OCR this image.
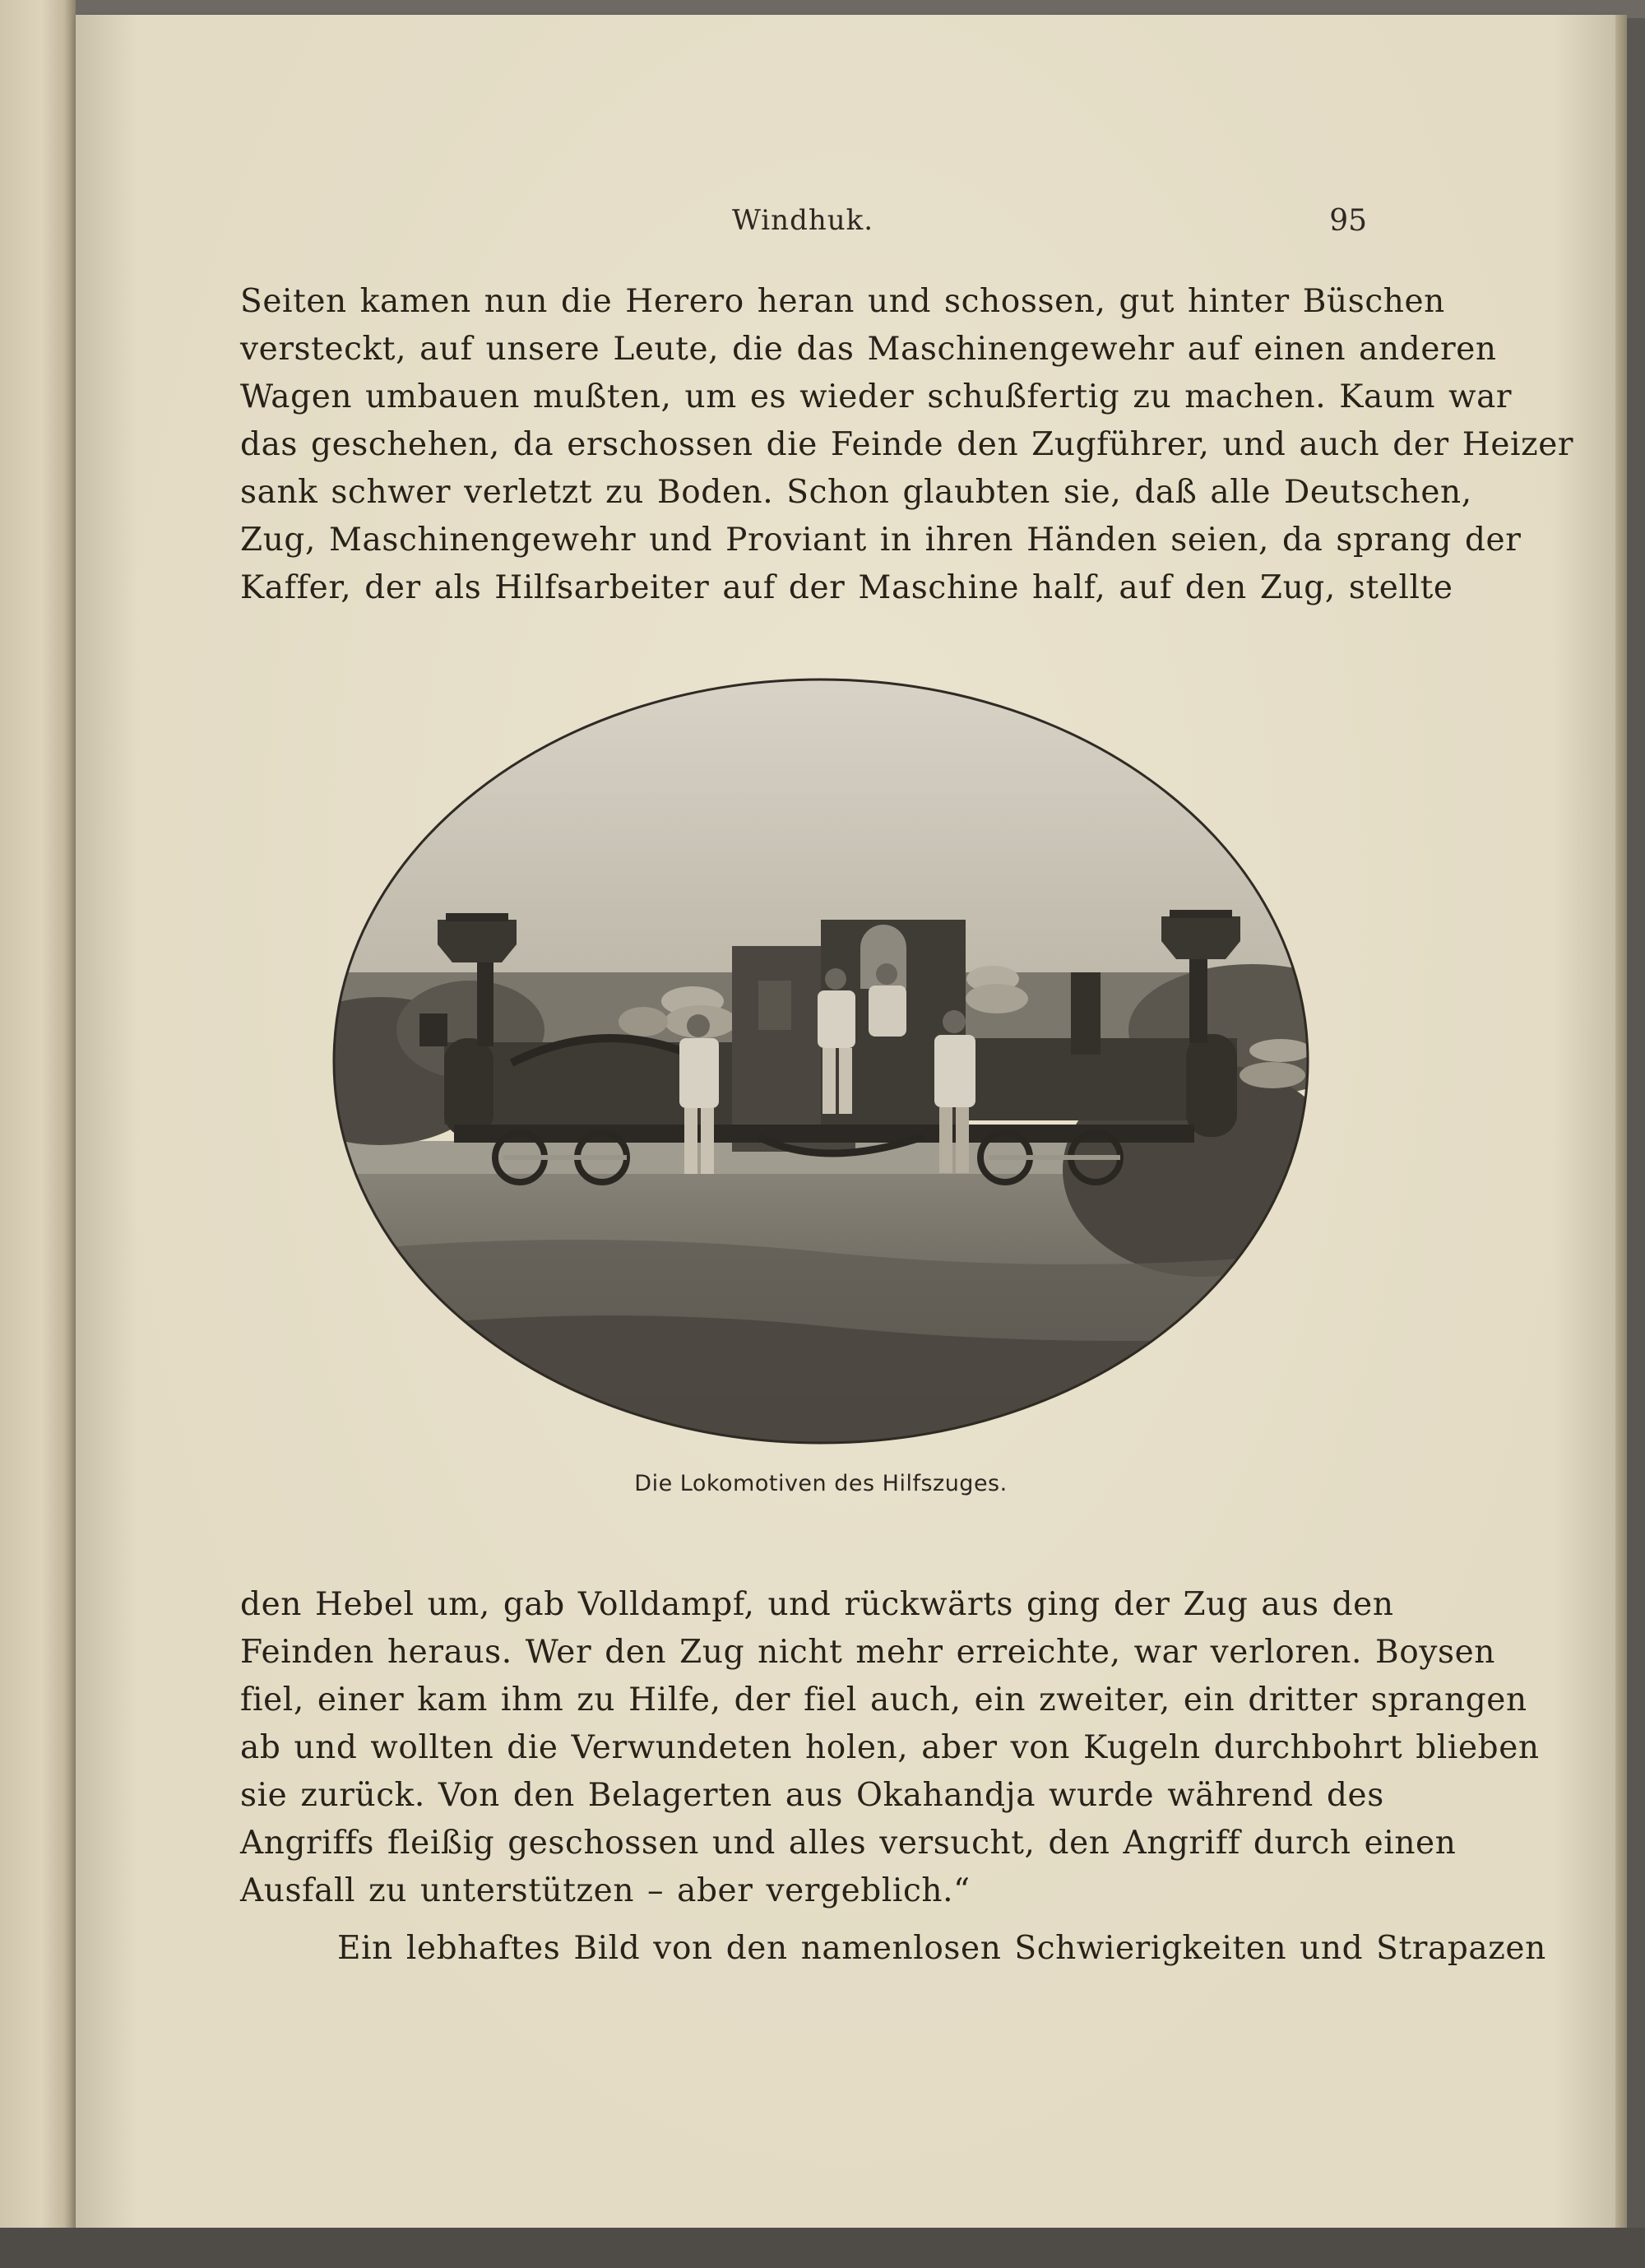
Windhuk.	95
Seiten kamen nun die Herero heran und schossen, gut hinter Büschen
versteckt, auf unsere Leute, die das Maschinengewehr auf einen anderen
Wagen umbauen mußten, um es wieder schußfertig zu machen. Kaum war
das geschehen, da erschossen die Feinde den Zugführer, und auch der Heizer
sank schwer verletzt zu Boden. Schon glaubten sie, daß alle Deutschen,
Zug, Maschinengewehr und Proviant in ihren Händen seien, da sprang der
Kaffer, der als Hilfsarbeiter auf der Maschine half, auf den Zug, stellte
Die Lokomotiven des Hilfszuges.
den Hebel um, gab Volldampf, und rückwärts ging der Zug aus den
Feinden heraus. Wer den Zug nicht mehr erreichte, war verloren. Boysen
fiel, einer kam ihm zu Hilfe, der fiel auch, ein zweiter, ein dritter sprangen
ab und wollten die Verwundeten holen, aber von Kugeln durchbohrt blieben
sie zurück. Von den Belagerten aus Okahandja wurde während des
Angriffs fleißig geschossen und alles versucht, den Angriff durch einen
Ausfall zu unterstützen – aber vergeblich.“
Ein lebhaftes Bild von den namenlosen Schwierigkeiten und Strapazen
